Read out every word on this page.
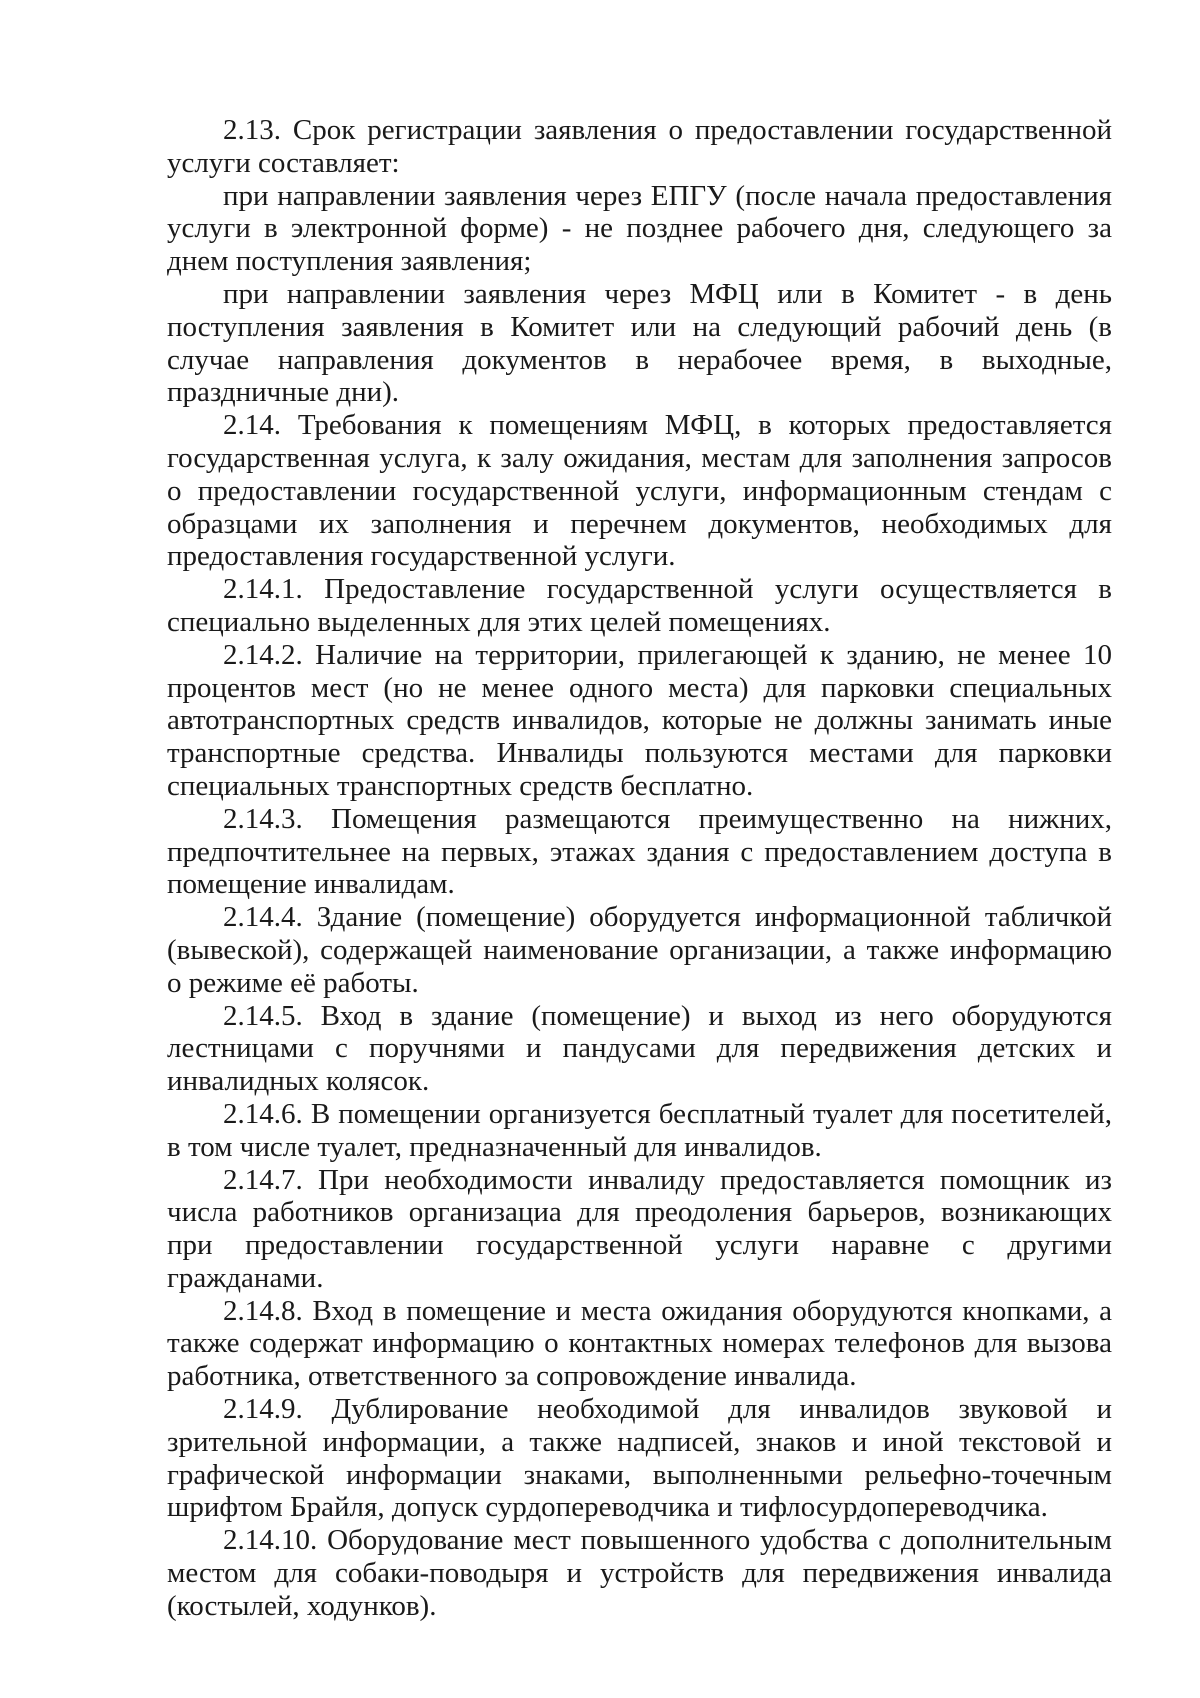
2.13. Срок регистрации заявления о предоставлении государственной услуги составляет:

при направлении заявления через ЕПГУ (после начала предоставления услуги в электронной форме) - не позднее рабочего дня, следующего за днем поступления заявления;

при направлении заявления через МФЦ или в Комитет - в день поступления заявления в Комитет или на следующий рабочий день (в случае направления документов в нерабочее время, в выходные, праздничные дни).

2.14. Требования к помещениям МФЦ, в которых предоставляется государственная услуга, к залу ожидания, местам для заполнения запросов о предоставлении государственной услуги, информационным стендам с образцами их заполнения и перечнем документов, необходимых для предоставления государственной услуги.

2.14.1. Предоставление государственной услуги осуществляется в специально выделенных для этих целей помещениях.

2.14.2. Наличие на территории, прилегающей к зданию, не менее 10 процентов мест (но не менее одного места) для парковки специальных автотранспортных средств инвалидов, которые не должны занимать иные транспортные средства. Инвалиды пользуются местами для парковки специальных транспортных средств бесплатно.

2.14.3. Помещения размещаются преимущественно на нижних, предпочтительнее на первых, этажах здания с предоставлением доступа в помещение инвалидам.

2.14.4. Здание (помещение) оборудуется информационной табличкой (вывеской), содержащей наименование организации, а также информацию о режиме её работы.

2.14.5. Вход в здание (помещение) и выход из него оборудуются лестницами с поручнями и пандусами для передвижения детских и инвалидных колясок.

2.14.6. В помещении организуется бесплатный туалет для посетителей, в том числе туалет, предназначенный для инвалидов.

2.14.7. При необходимости инвалиду предоставляется помощник из числа работников организациа для преодоления барьеров, возникающих при предоставлении государственной услуги наравне с другими гражданами.

2.14.8. Вход в помещение и места ожидания оборудуются кнопками, а также содержат информацию о контактных номерах телефонов для вызова работника, ответственного за сопровождение инвалида.

2.14.9. Дублирование необходимой для инвалидов звуковой и зрительной информации, а также надписей, знаков и иной текстовой и графической информации знаками, выполненными рельефно-точечным шрифтом Брайля, допуск сурдопереводчика и тифлосурдопереводчика.

2.14.10. Оборудование мест повышенного удобства с дополнительным местом для собаки-поводыря и устройств для передвижения инвалида (костылей, ходунков).
